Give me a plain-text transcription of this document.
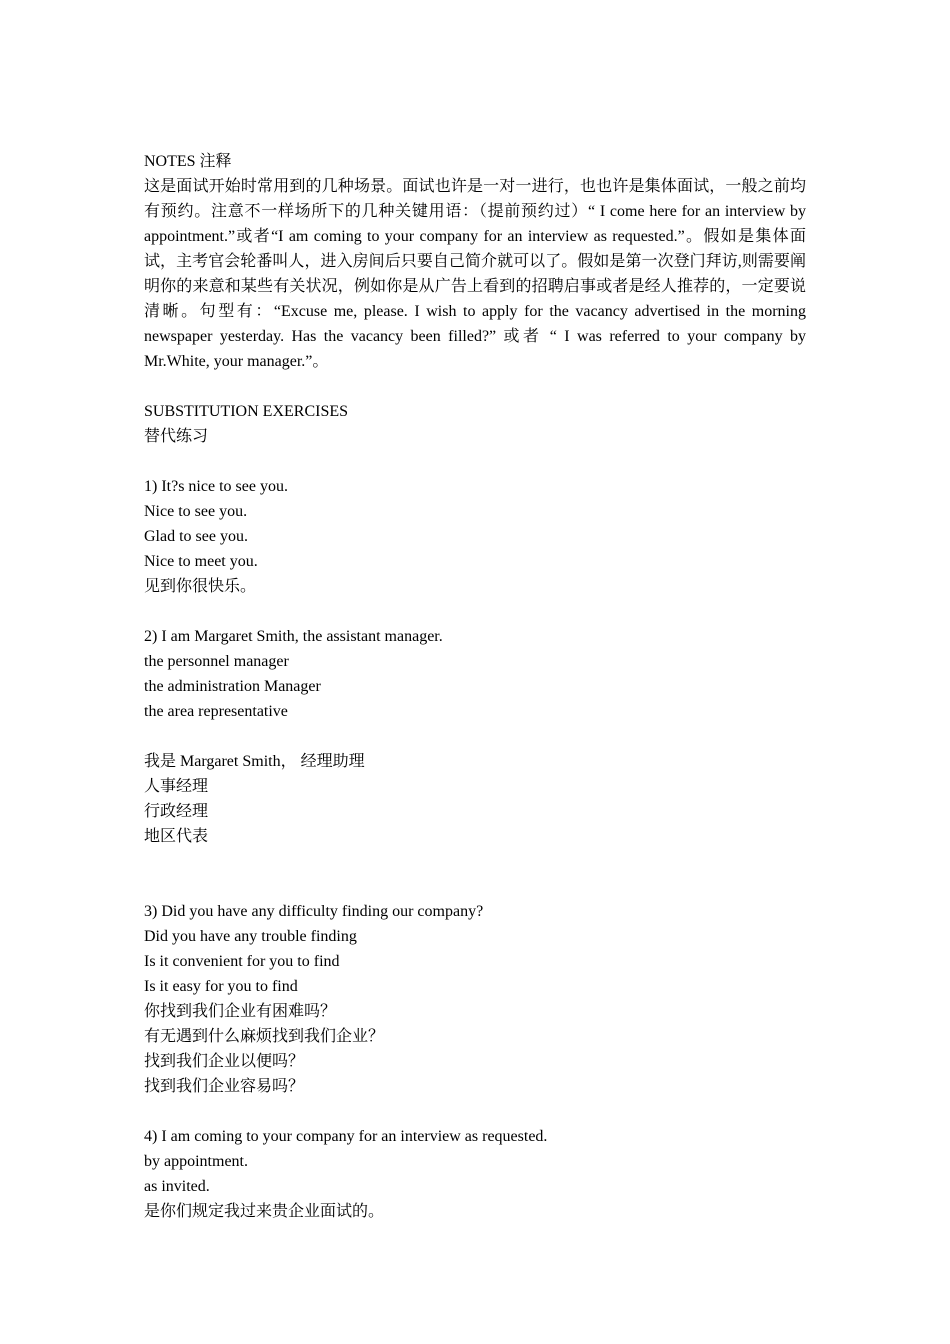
NOTES 注释
这是面试开始时常用到的几种场景。面试也许是一对一进行，也也许是集体面试，一般之前均有预约。注意不一样场所下的几种关键用语：（提前预约过）“ I come here for an interview by appointment.”或者“I am coming to your company for an interview as requested.”。假如是集体面试，主考官会轮番叫人，进入房间后只要自己简介就可以了。假如是第一次登门拜访,则需要阐明你的来意和某些有关状况，例如你是从广告上看到的招聘启事或者是经人推荐的，一定要说清晰。句型有：“Excuse me, please. I wish to apply for the vacancy advertised in the morning newspaper yesterday. Has the vacancy been filled?” 或者 “ I was referred to your company by Mr.White, your manager.”。
SUBSTITUTION EXERCISES
替代练习
1) It?s nice to see you.
Nice to see you.
Glad to see you.
Nice to meet you.
见到你很快乐。
2) I am Margaret Smith, the assistant manager.
the personnel manager
the administration Manager
the area representative
我是 Margaret Smith， 经理助理
人事经理
行政经理
地区代表
3) Did you have any difficulty finding our company?
Did you have any trouble finding
Is it convenient for you to find
Is it easy for you to find
你找到我们企业有困难吗？
有无遇到什么麻烦找到我们企业？
找到我们企业以便吗？
找到我们企业容易吗？
4) I am coming to your company for an interview as requested.
by appointment.
as invited.
是你们规定我过来贵企业面试的。
